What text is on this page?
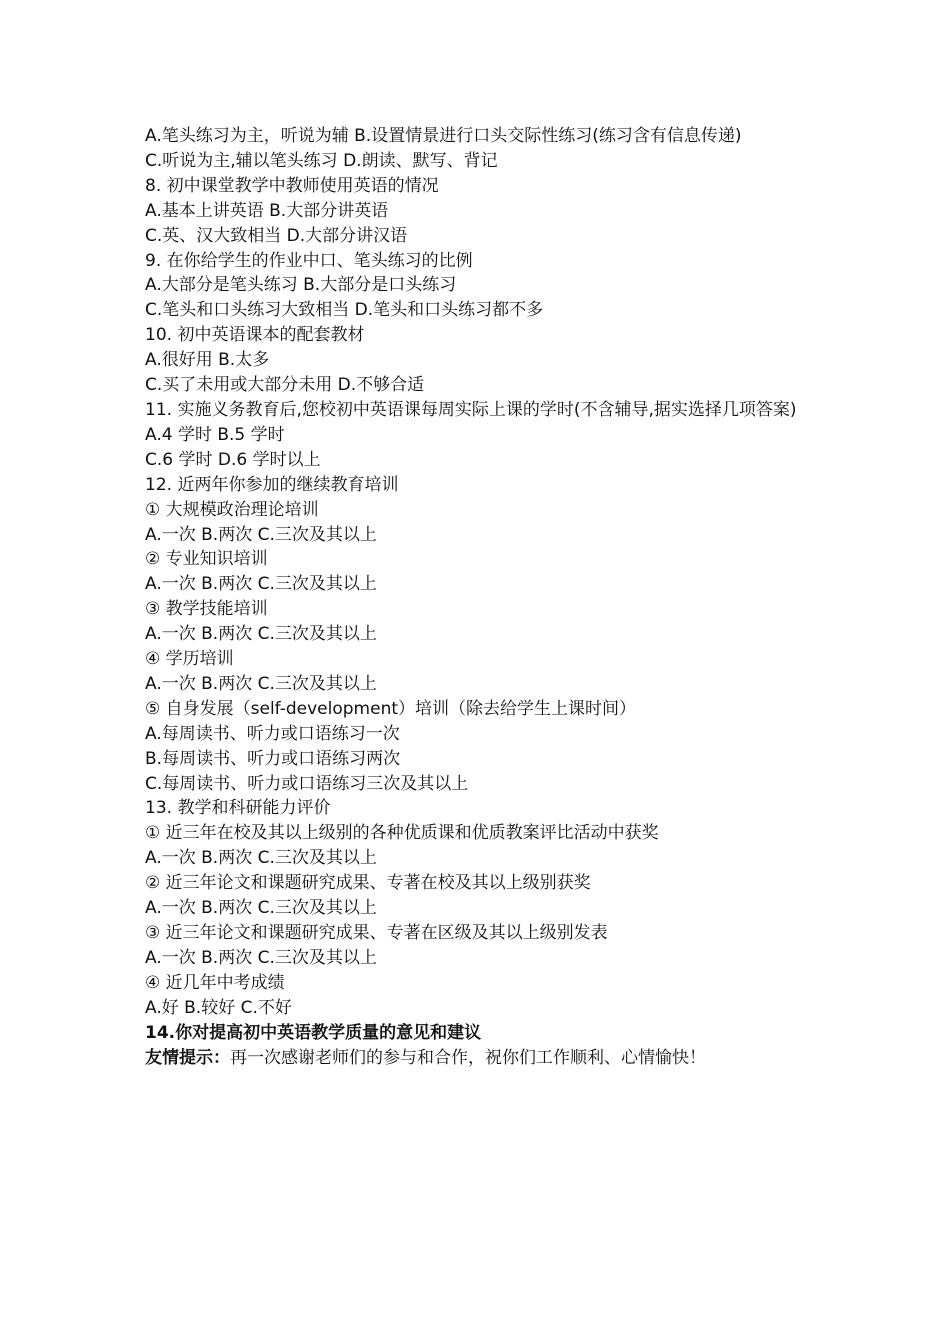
A.笔头练习为主，听说为辅 B.设置情景进行口头交际性练习(练习含有信息传递)

C.听说为主,辅以笔头练习 D.朗读、默写、背记

8. 初中课堂教学中教师使用英语的情况

A.基本上讲英语 B.大部分讲英语

C.英、汉大致相当 D.大部分讲汉语

9. 在你给学生的作业中口、笔头练习的比例

A.大部分是笔头练习 B.大部分是口头练习

C.笔头和口头练习大致相当 D.笔头和口头练习都不多

10. 初中英语课本的配套教材

A.很好用 B.太多

C.买了未用或大部分未用 D.不够合适

11. 实施义务教育后,您校初中英语课每周实际上课的学时(不含辅导,据实选择几项答案)

A.4 学时 B.5 学时

C.6 学时 D.6 学时以上

12. 近两年你参加的继续教育培训

① 大规模政治理论培训

A.一次 B.两次 C.三次及其以上

② 专业知识培训

A.一次 B.两次 C.三次及其以上

③ 教学技能培训

A.一次 B.两次 C.三次及其以上

④ 学历培训

A.一次 B.两次 C.三次及其以上

⑤ 自身发展（self-development）培训（除去给学生上课时间）

A.每周读书、听力或口语练习一次

B.每周读书、听力或口语练习两次

C.每周读书、听力或口语练习三次及其以上

13. 教学和科研能力评价

① 近三年在校及其以上级别的各种优质课和优质教案评比活动中获奖

A.一次 B.两次 C.三次及其以上

② 近三年论文和课题研究成果、专著在校及其以上级别获奖

A.一次 B.两次 C.三次及其以上

③ 近三年论文和课题研究成果、专著在区级及其以上级别发表

A.一次 B.两次 C.三次及其以上

④ 近几年中考成绩

A.好 B.较好 C.不好

14.你对提高初中英语教学质量的意见和建议

友情提示：再一次感谢老师们的参与和合作，祝你们工作顺利、心情愉快！
